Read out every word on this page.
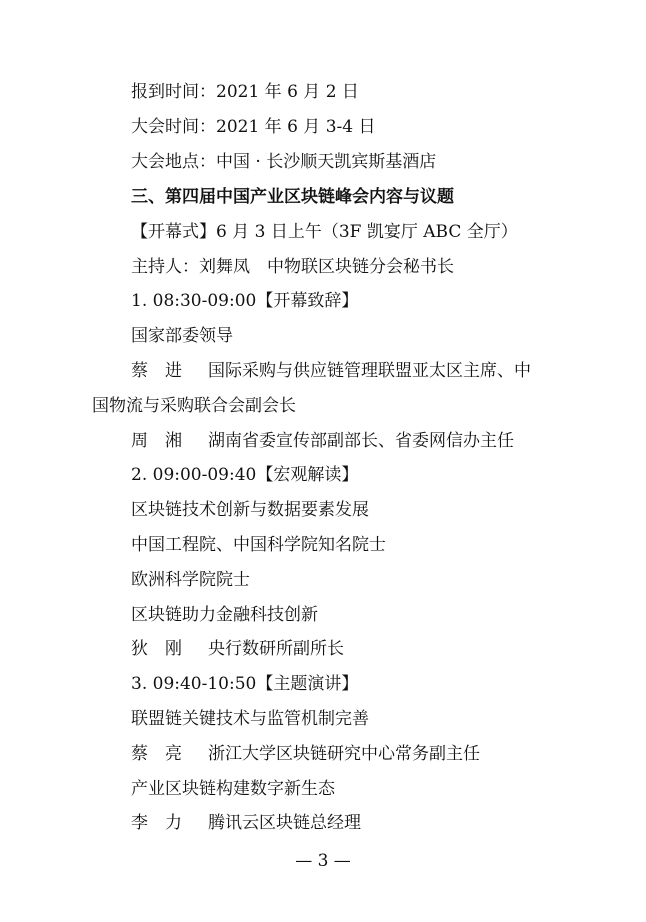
报到时间：2021 年 6 月 2 日
大会时间：2021 年 6 月 3-4 日
大会地点：中国 · 长沙顺天凯宾斯基酒店
三、第四届中国产业区块链峰会内容与议题
【开幕式】6 月 3 日上午（3F 凯宴厅 ABC 全厅）
主持人：刘舞凤　中物联区块链分会秘书长
1. 08:30-09:00【开幕致辞】
国家部委领导
蔡　进 国际采购与供应链管理联盟亚太区主席、中
国物流与采购联合会副会长
周　湘 湖南省委宣传部副部长、省委网信办主任
2. 09:00-09:40【宏观解读】
区块链技术创新与数据要素发展
中国工程院、中国科学院知名院士
欧洲科学院院士
区块链助力金融科技创新
狄　刚 央行数研所副所长
3. 09:40-10:50【主题演讲】
联盟链关键技术与监管机制完善
蔡　亮 浙江大学区块链研究中心常务副主任
产业区块链构建数字新生态
李　力 腾讯云区块链总经理
— 3 —
